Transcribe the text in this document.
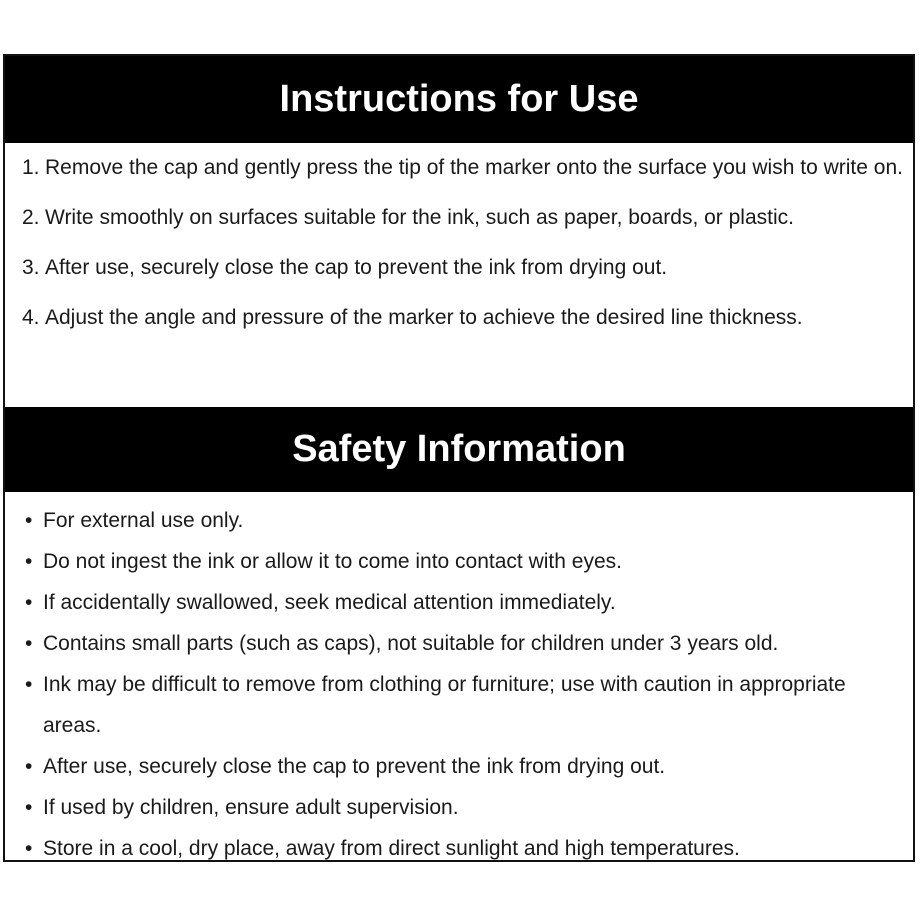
Instructions for Use
1. Remove the cap and gently press the tip of the marker onto the surface you wish to write on.
2. Write smoothly on surfaces suitable for the ink, such as paper, boards, or plastic.
3. After use, securely close the cap to prevent the ink from drying out.
4. Adjust the angle and pressure of the marker to achieve the desired line thickness.
Safety Information
• For external use only.
• Do not ingest the ink or allow it to come into contact with eyes.
• If accidentally swallowed, seek medical attention immediately.
• Contains small parts (such as caps), not suitable for children under 3 years old.
• Ink may be difficult to remove from clothing or furniture; use with caution in appropriate areas.
• After use, securely close the cap to prevent the ink from drying out.
• If used by children, ensure adult supervision.
• Store in a cool, dry place, away from direct sunlight and high temperatures.
